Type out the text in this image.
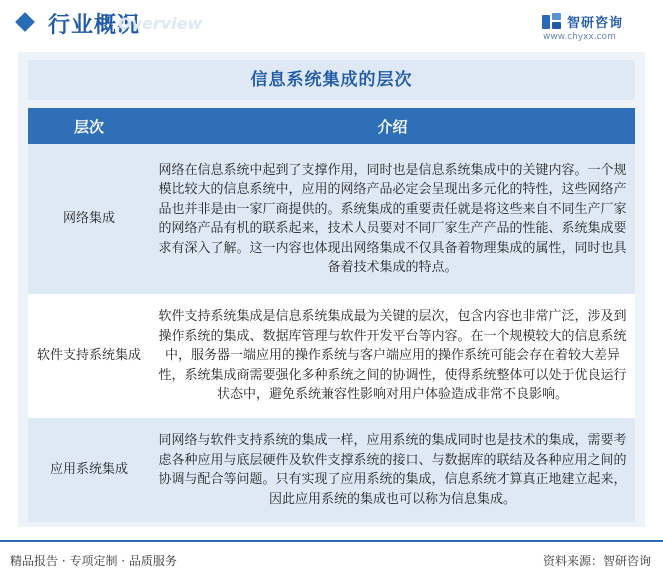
行业概况
Overview	智研咨询
www.chyxx.com
信息系统集成的层次
层次	介绍
网络集成	网络在信息系统中起到了支撑作用，同时也是信息系统集成中的关键内容。一个规模比较大的信息系统中，应用的网络产品必定会呈现出多元化的特性，这些网络产品也并非是由一家厂商提供的。系统集成的重要责任就是将这些来自不同生产厂家的网络产品有机的联系起来，技术人员要对不同厂家生产产品的性能、系统集成要求有深入了解。这一内容也体现出网络集成不仅具备着物理集成的属性，同时也具备着技术集成的特点。
软件支持系统集成	软件支持系统集成是信息系统集成最为关键的层次，包含内容也非常广泛，涉及到操作系统的集成、数据库管理与软件开发平台等内容。在一个规模较大的信息系统中，服务器一端应用的操作系统与客户端应用的操作系统可能会存在着较大差异性，系统集成商需要强化多种系统之间的协调性，使得系统整体可以处于优良运行状态中，避免系统兼容性影响对用户体验造成非常不良影响。
应用系统集成	同网络与软件支持系统的集成一样，应用系统的集成同时也是技术的集成，需要考虑各种应用与底层硬件及软件支撑系统的接口、与数据库的联结及各种应用之间的协调与配合等问题。只有实现了应用系统的集成，信息系统才算真正地建立起来，因此应用系统的集成也可以称为信息集成。
精品报告 · 专项定制 · 品质服务	资料来源：智研咨询
